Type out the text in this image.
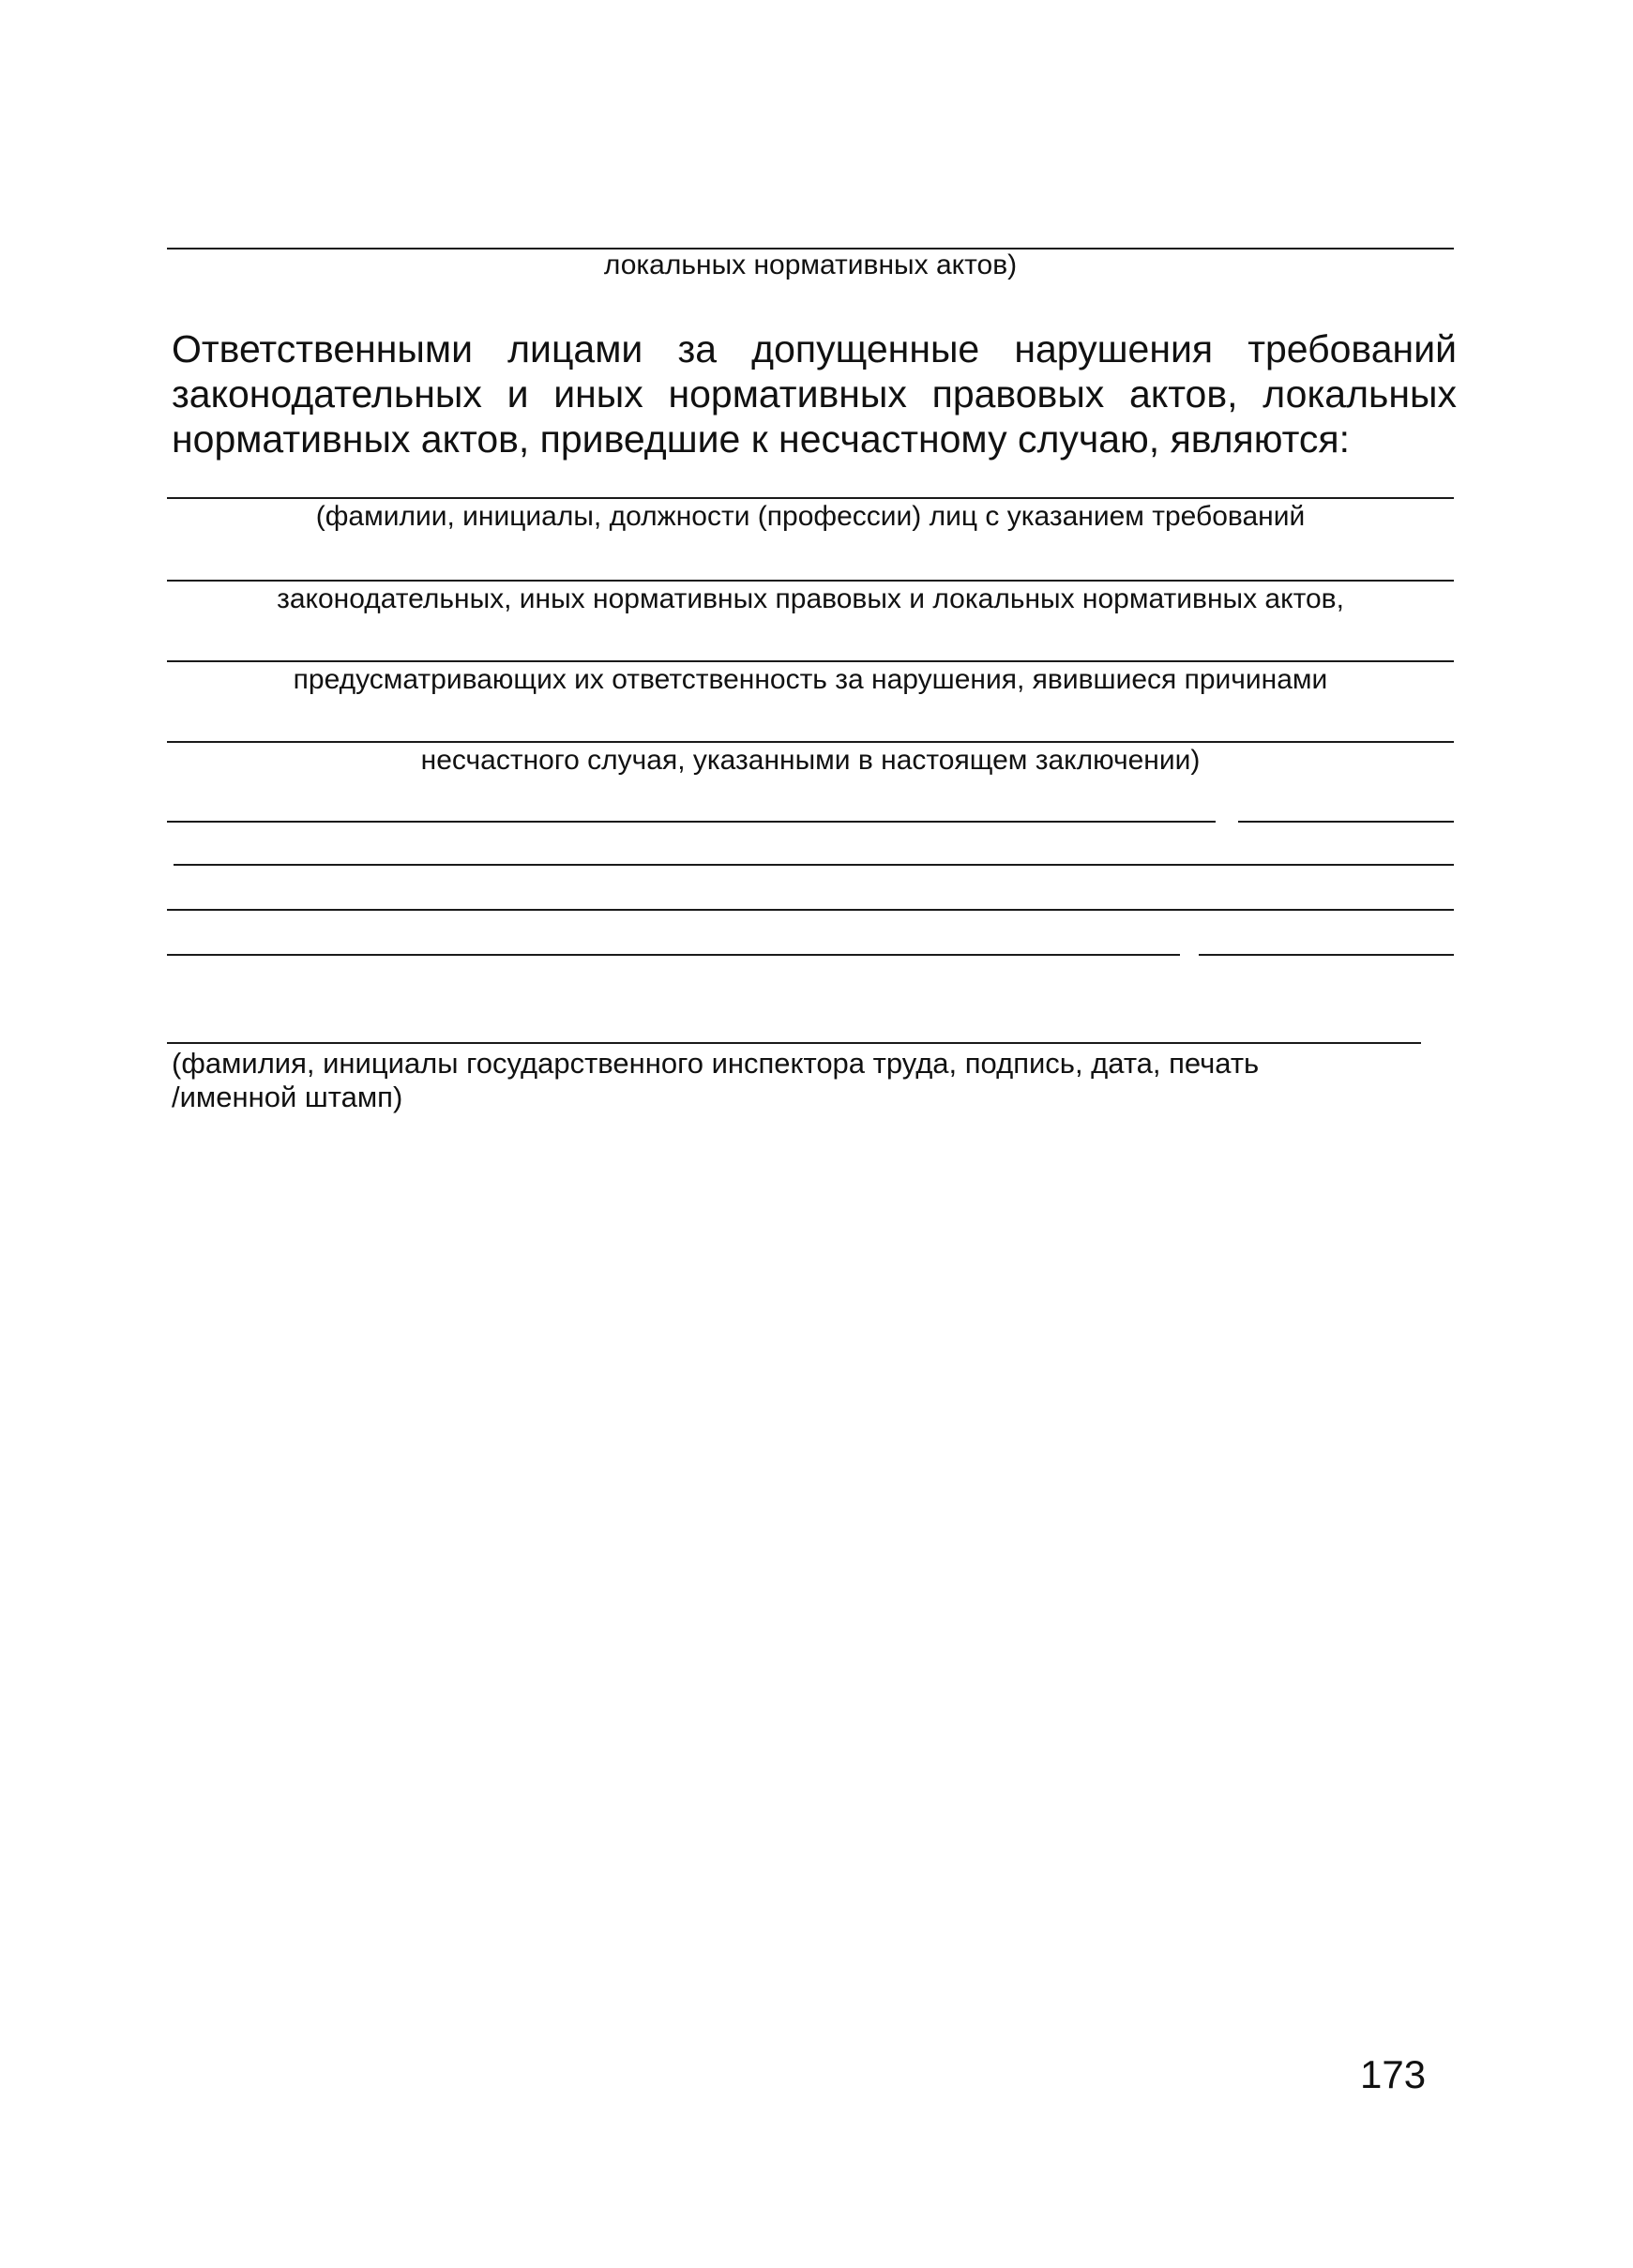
локальных нормативных актов)
Ответственными лицами за допущенные нарушения требований законодательных и иных нормативных правовых актов, локальных нормативных актов, приведшие к несчастному случаю, являются:
(фамилии, инициалы, должности (профессии) лиц с указанием требований
законодательных, иных нормативных правовых и локальных нормативных актов,
предусматривающих их ответственность за нарушения, явившиеся причинами
несчастного случая, указанными в настоящем заключении)
(фамилия, инициалы государственного инспектора труда, подпись, дата, печать
/именной штамп)
173
